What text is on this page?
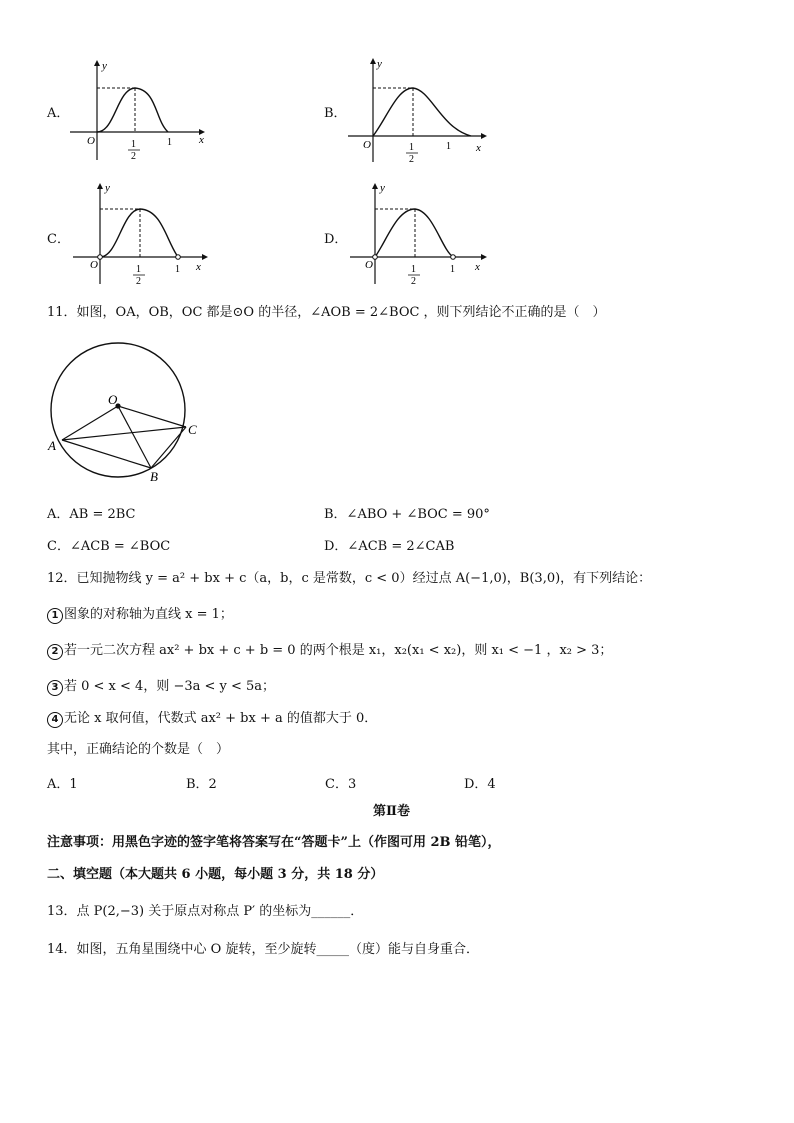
A．
y
x
O	1
2
1
B．
y
x
O	1
2
1
C．
y
x
O	1
2
1
D．
y
x
O	1
2
1
11．如图，OA，OB，OC 都是⊙O 的半径，∠AOB = 2∠BOC ，则下列结论不正确的是（　）
O
A
B
C
A．AB = 2BC	B．∠ABO + ∠BOC = 90°
C．∠ACB = ∠BOC	D．∠ACB = 2∠CAB
12．已知抛物线 y = a² + bx + c（a，b，c 是常数，c < 0）经过点 A(−1,0)，B(3,0)，有下列结论：
1 图象的对称轴为直线 x = 1；
2 若一元二次方程 ax² + bx + c + b = 0 的两个根是 x₁，x₂(x₁ < x₂)，则 x₁ < −1 ，x₂ > 3；
3 若 0 < x < 4，则 −3a < y < 5a；
4 无论 x 取何值，代数式 ax² + bx + a 的值都大于 0．
其中，正确结论的个数是（　）
A．1	B．2	C．3	D．4
第Ⅱ卷
注意事项：用黑色字迹的签字笔将答案写在“答题卡”上（作图可用 2B 铅笔），
二、填空题（本大题共 6 小题，每小题 3 分，共 18 分）
13．点 P(2,−3) 关于原点对称点 P′ 的坐标为______．
14．如图，五角星围绕中心 O 旋转，至少旋转_____（度）能与自身重合．
